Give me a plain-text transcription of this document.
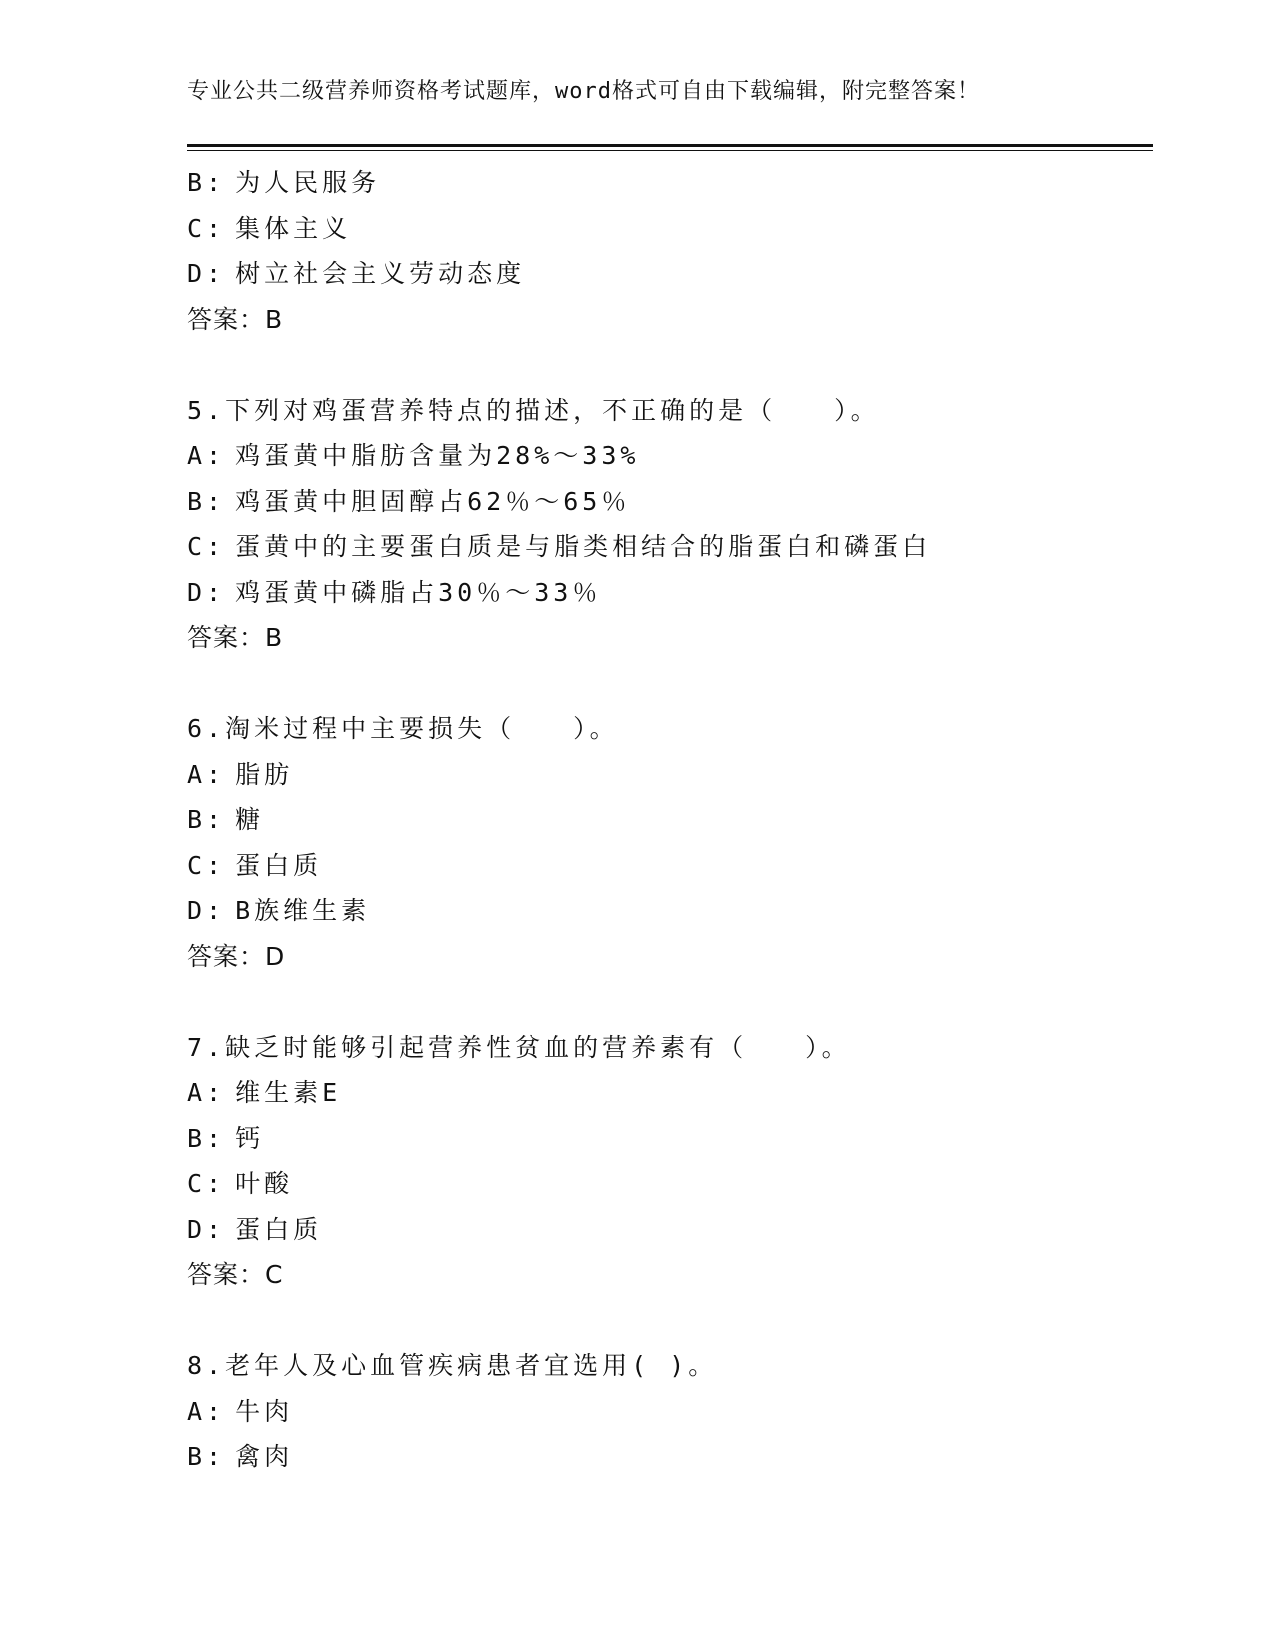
专业公共二级营养师资格考试题库，word格式可自由下载编辑，附完整答案！
B: 为人民服务
C: 集体主义
D: 树立社会主义劳动态度
答案：B
5.下列对鸡蛋营养特点的描述，不正确的是（　　）。
A: 鸡蛋黄中脂肪含量为28%～33%
B: 鸡蛋黄中胆固醇占62％～65％
C: 蛋黄中的主要蛋白质是与脂类相结合的脂蛋白和磷蛋白
D: 鸡蛋黄中磷脂占30％～33％
答案：B
6.淘米过程中主要损失（　　）。
A: 脂肪
B: 糖
C: 蛋白质
D: B族维生素
答案：D
7.缺乏时能够引起营养性贫血的营养素有（　　）。
A: 维生素E
B: 钙
C: 叶酸
D: 蛋白质
答案：C
8.老年人及心血管疾病患者宜选用( )。
A: 牛肉
B: 禽肉
